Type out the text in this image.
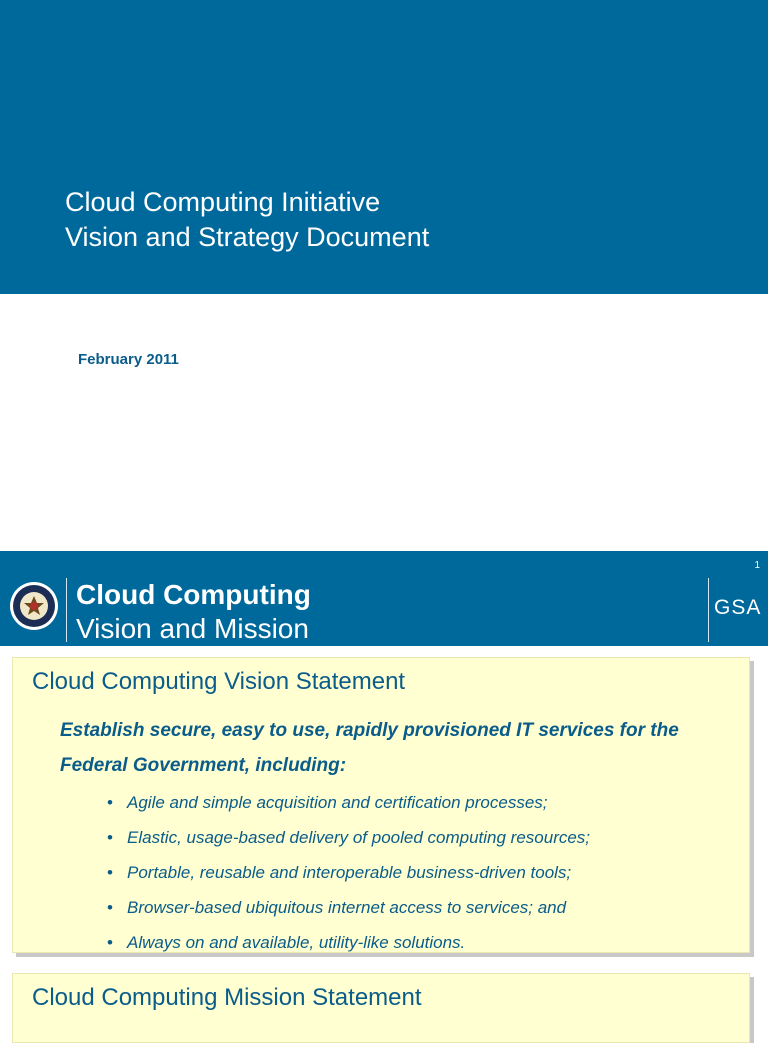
Cloud Computing Initiative
Vision and Strategy Document
February 2011
1
Cloud Computing
Vision and Mission
GSA
Cloud Computing Vision Statement
Establish secure, easy to use, rapidly provisioned IT services for the Federal Government, including:
• Agile and simple acquisition and certification processes;
• Elastic, usage-based delivery of pooled computing resources;
• Portable, reusable and interoperable business-driven tools;
• Browser-based ubiquitous internet access to services; and
• Always on and available, utility-like solutions.
Cloud Computing Mission Statement
